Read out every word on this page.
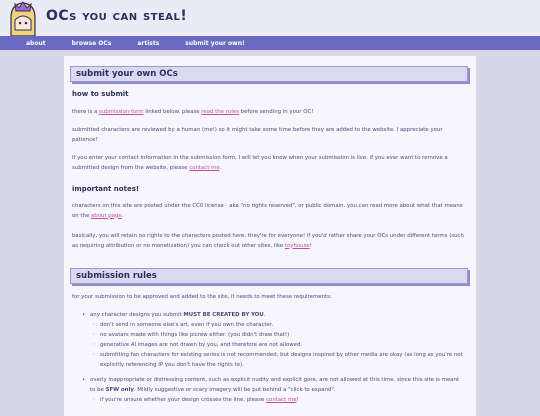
OCs you can steal!
about	browse OCs	artists	submit your own!
submit your own OCs
how to submit
there is a submission form linked below. please read the rules before sending in your OC!
submitted characters are reviewed by a human (me!) so it might take some time before they are added to the website. I appreciate your patience!
if you enter your contact information in the submission form, I will let you know when your submission is live. if you ever want to remove a submitted design from the website, please contact me.
important notes!
characters on this site are posted under the CC0 license - aka "no rights reserved", or public domain. you can read more about what that means on the about page.
basically, you will retain no rights to the characters posted here. they're for everyone! if you'd rather share your OCs under different terms (such as requiring attribution or no monetization) you can check out other sites, like toyhouse!
submission rules
for your submission to be approved and added to the site, it needs to meet these requirements:
• any character designs you submit MUST BE CREATED BY YOU.
◦ don't send in someone else's art, even if you own the character.
◦ no avatars made with things like picrew either. (you didn't draw that!)
◦ generative AI images are not drawn by you, and therefore are not allowed.
◦ submitting fan characters for existing series is not recommended, but designs inspired by other media are okay (as long as you're not explicitly referencing IP you don't have the rights to).
• overly inappropriate or distressing content, such as explicit nudity and explicit gore, are not allowed at this time. since this site is meant to be SFW only. Mildly suggestive or scary imagery will be put behind a "click to expand".
◦ if you're unsure whether your design crosses the line, please contact me!
